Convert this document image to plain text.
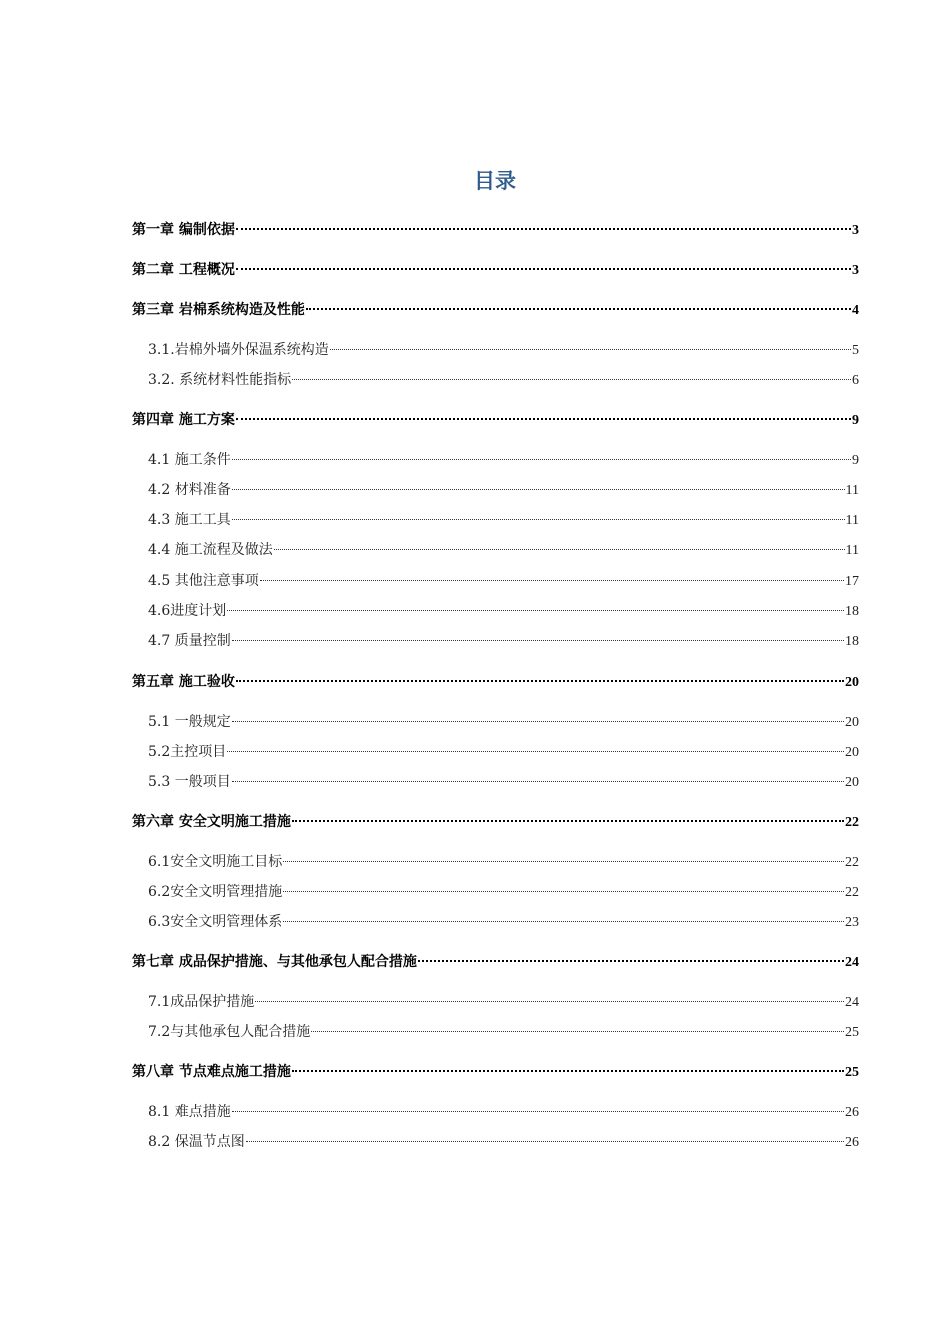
目录
第一章 编制依据	3
第二章 工程概况	3
第三章 岩棉系统构造及性能	4
3.1.岩棉外墙外保温系统构造	5
3.2. 系统材料性能指标	6
第四章 施工方案	9
4.1 施工条件	9
4.2 材料准备	11
4.3 施工工具	11
4.4 施工流程及做法	11
4.5 其他注意事项	17
4.6进度计划	18
4.7 质量控制	18
第五章 施工验收	20
5.1 一般规定	20
5.2主控项目	20
5.3 一般项目	20
第六章 安全文明施工措施	22
6.1安全文明施工目标	22
6.2安全文明管理措施	22
6.3安全文明管理体系	23
第七章 成品保护措施、与其他承包人配合措施	24
7.1成品保护措施	24
7.2与其他承包人配合措施	25
第八章 节点难点施工措施	25
8.1 难点措施	26
8.2 保温节点图	26
